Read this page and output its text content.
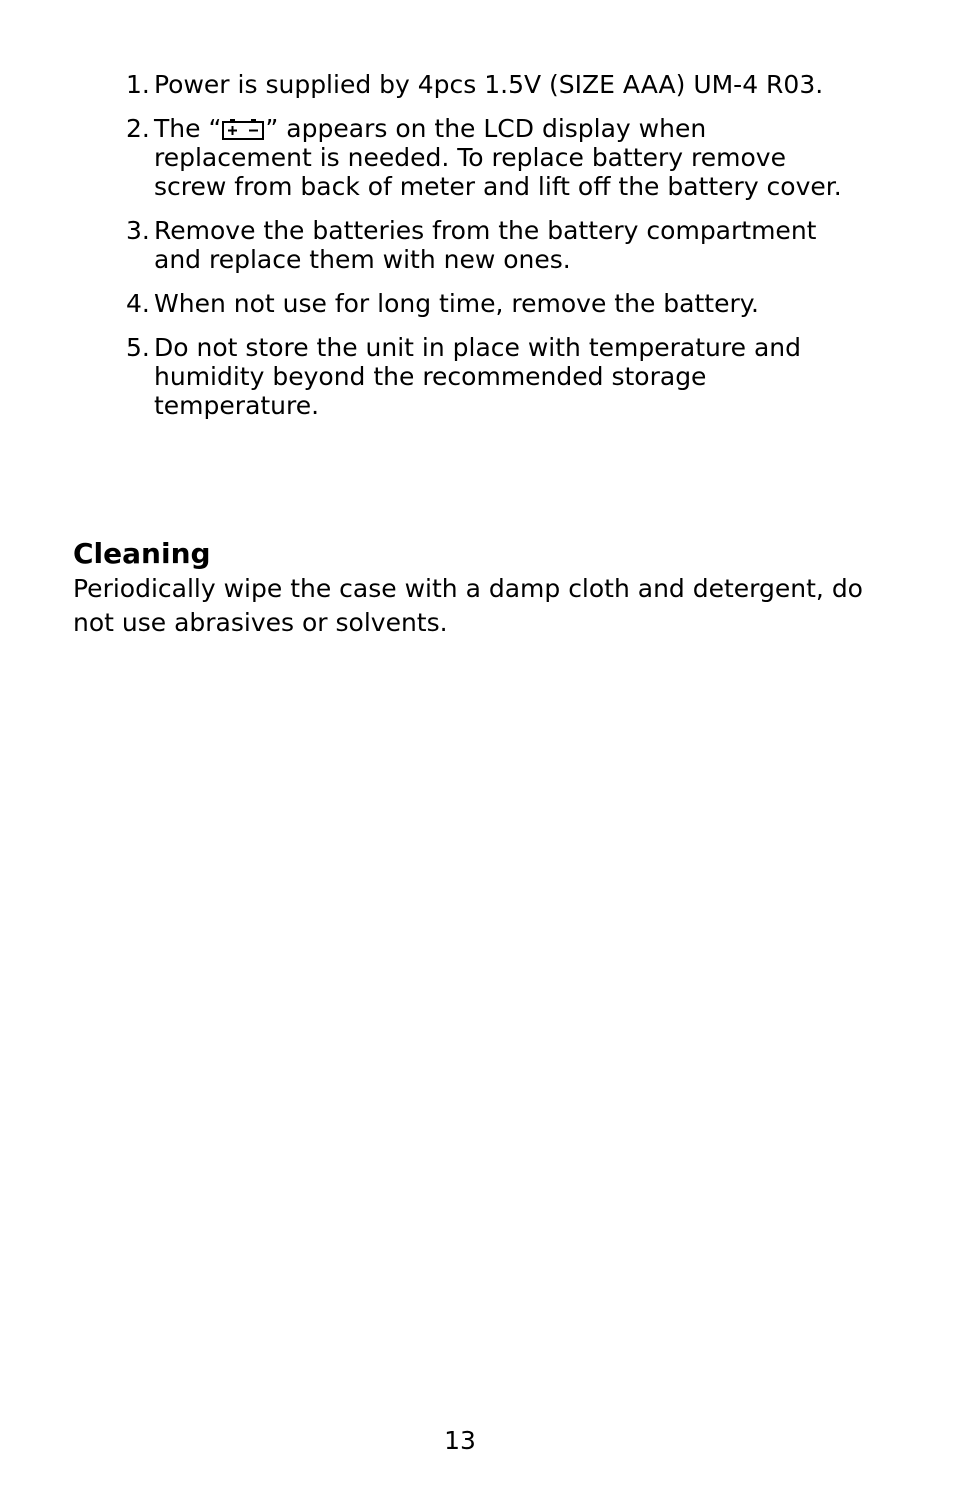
1. Power is supplied by 4pcs 1.5V (SIZE AAA) UM-4 R03.
2. The “ ” appears on the LCD display when replacement is needed. To replace battery remove screw from back of meter and lift off the battery cover.
3. Remove the batteries from the battery compartment and replace them with new ones.
4. When not use for long time, remove the battery.
5. Do not store the unit in place with temperature and humidity beyond the recommended storage temperature.
Cleaning

Periodically wipe the case with a damp cloth and detergent, do not use abrasives or solvents.

13
